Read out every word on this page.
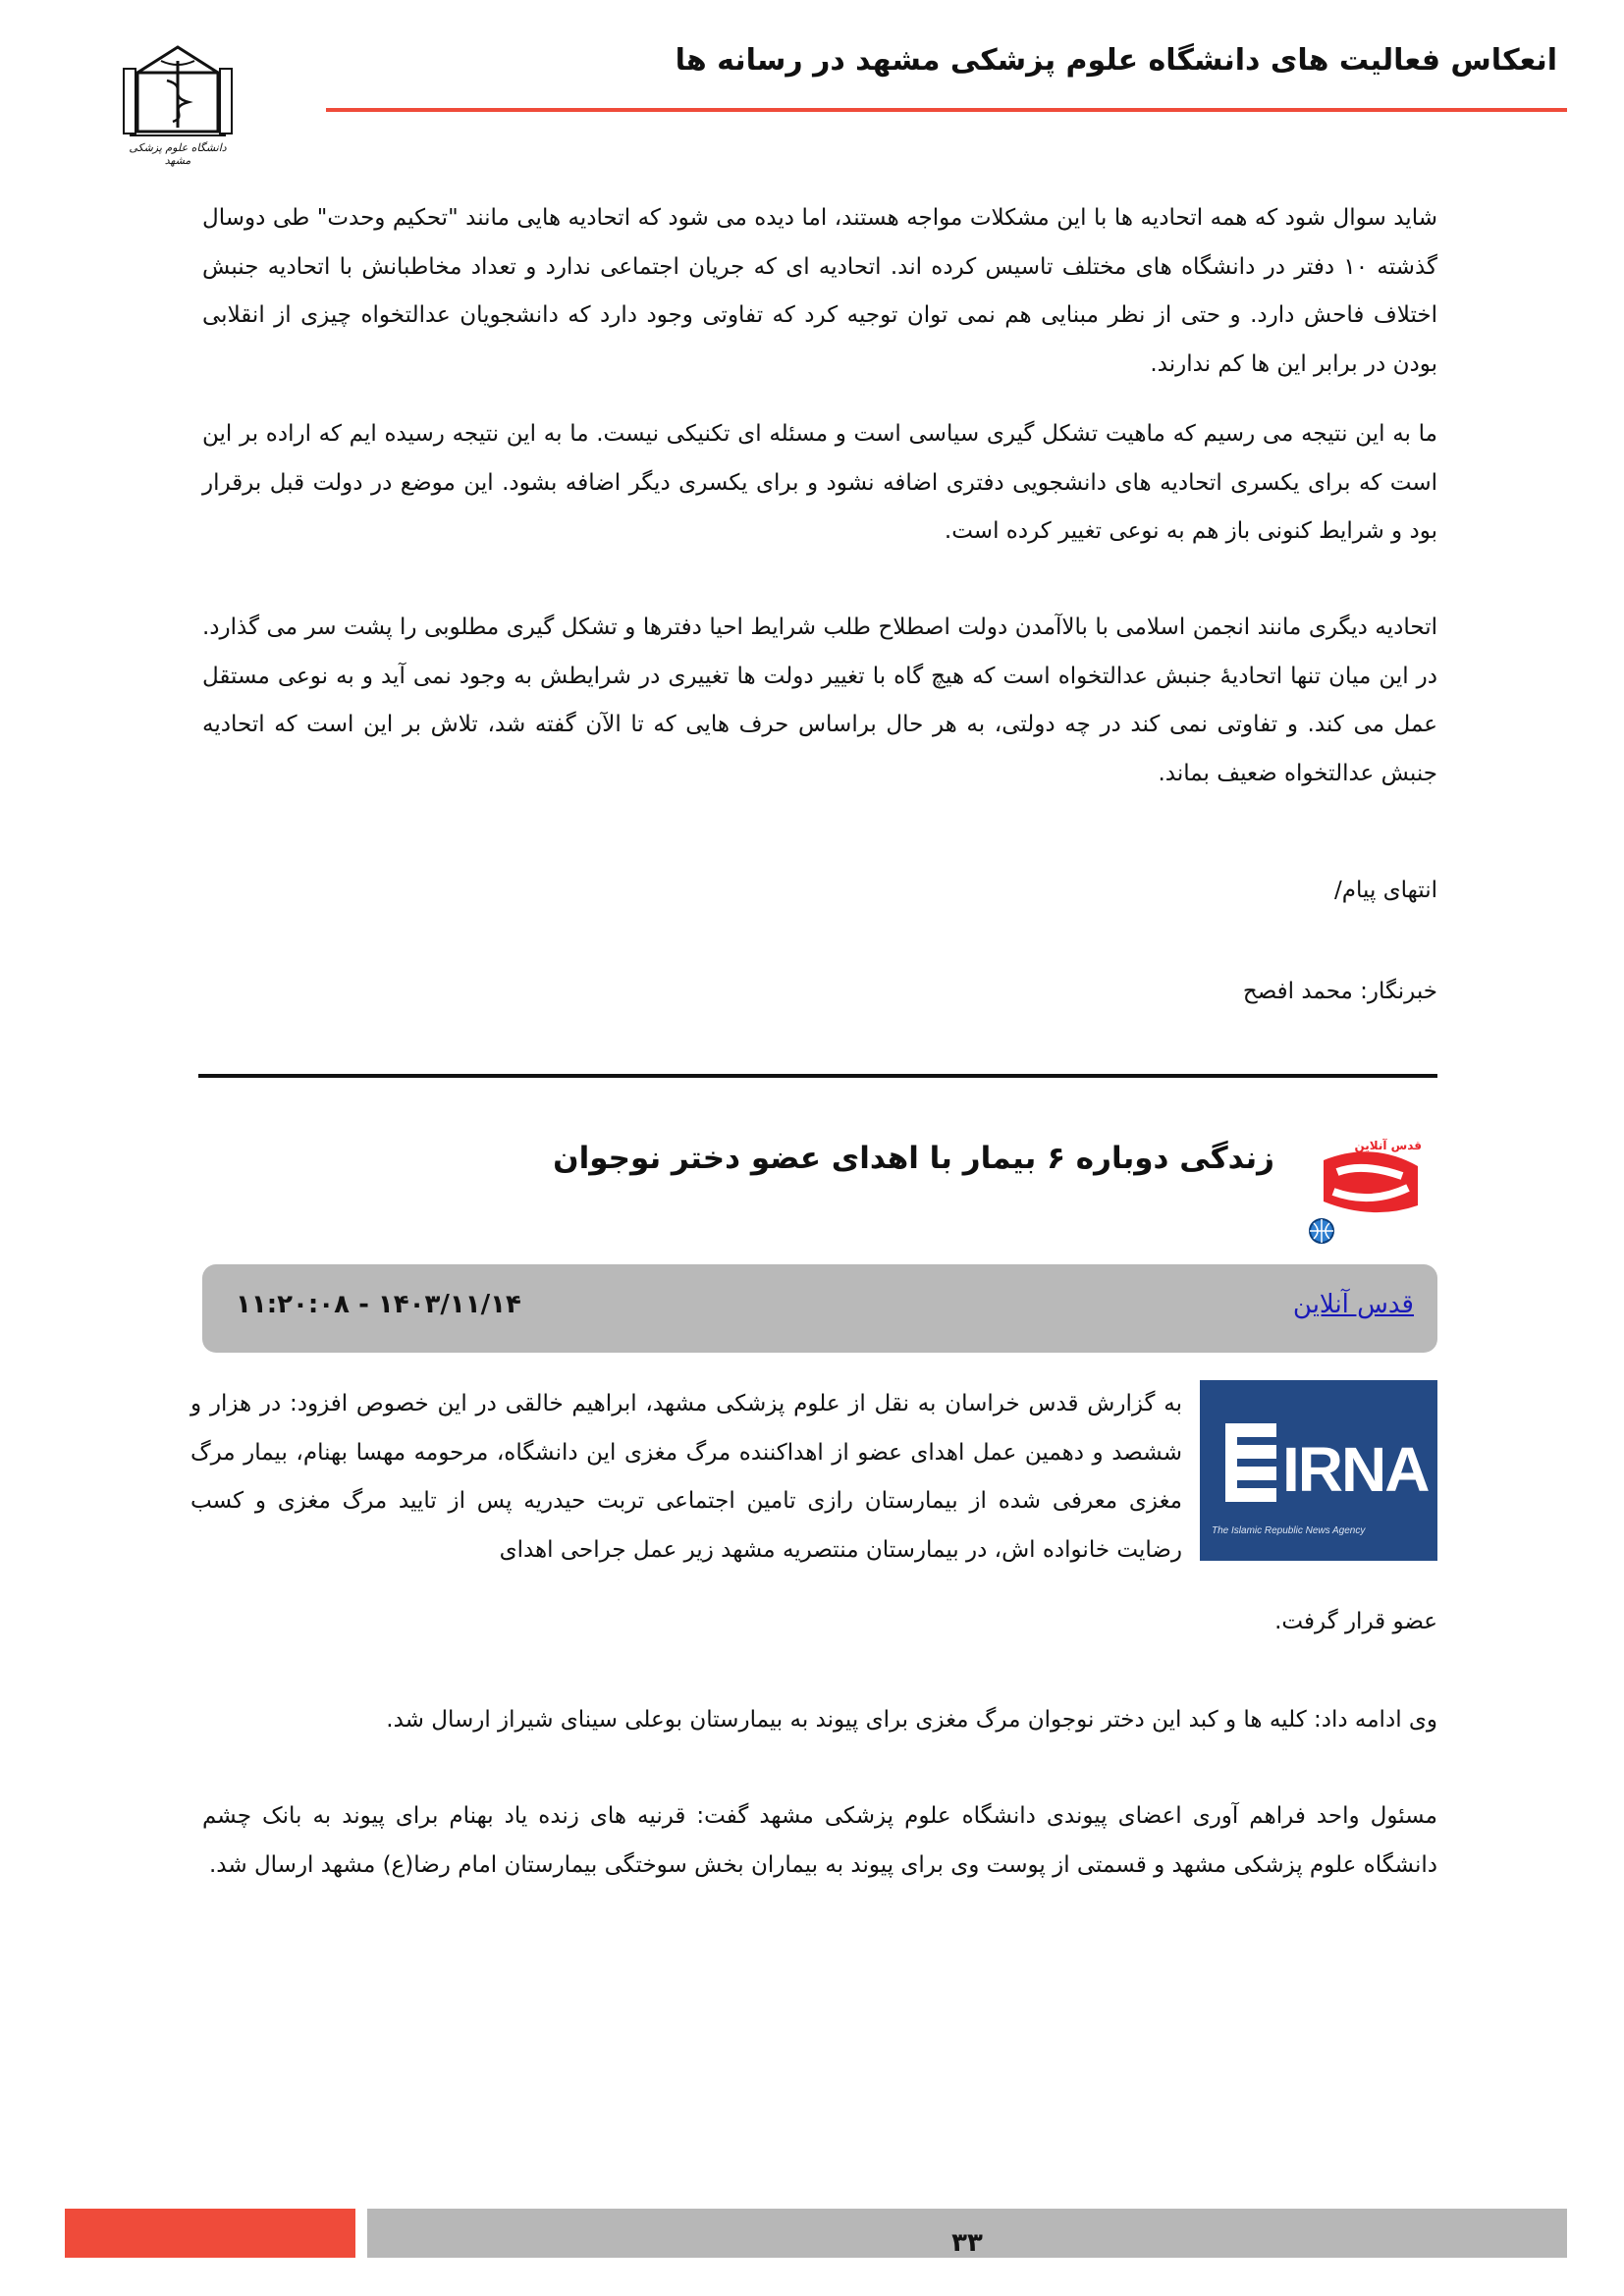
انعکاس فعالیت های دانشگاه علوم پزشکی مشهد در رسانه ها
دانشگاه علوم پزشکی مشهد

شاید سوال شود که همه اتحادیه ها با این مشکلات مواجه هستند، اما دیده می شود که اتحادیه هایی مانند "تحکیم وحدت" طی دوسال گذشته ۱۰ دفتر در دانشگاه های مختلف تاسیس کرده اند. اتحادیه ای که جریان اجتماعی ندارد و تعداد مخاطبانش با اتحادیه جنبش اختلاف فاحش دارد. و حتی از نظر مبنایی هم نمی توان توجیه کرد که تفاوتی وجود دارد که دانشجویان عدالتخواه چیزی از انقلابی بودن در برابر این ها کم ندارند.

ما به این نتیجه می رسیم که ماهیت تشکل گیری سیاسی است و مسئله ای تکنیکی نیست. ما به این نتیجه رسیده ایم که اراده بر این است که برای یکسری اتحادیه های دانشجویی دفتری اضافه نشود و برای یکسری دیگر اضافه بشود. این موضع در دولت قبل برقرار بود و شرایط کنونی باز هم به نوعی تغییر کرده است.

اتحادیه دیگری مانند انجمن اسلامی با بالاآمدن دولت اصطلاح طلب شرایط احیا دفترها و تشکل گیری مطلوبی را پشت سر می گذارد. در این میان تنها اتحادیۀ جنبش عدالتخواه است که هیچ گاه با تغییر دولت ها تغییری در شرایطش به وجود نمی آید و به نوعی مستقل عمل می کند. و تفاوتی نمی کند در چه دولتی، به هر حال براساس حرف هایی که تا الآن گفته شد، تلاش بر این است که اتحادیه جنبش عدالتخواه ضعیف بماند.

انتهای پیام/

خبرنگار: محمد افصح

قدس آنلاین
زندگی دوباره ۶ بیمار با اهدای عضو دختر نوجوان
قدس آنلاین
۱۴۰۳/۱۱/۱۴ - ۱۱:۲۰:۰۸
IRNA
The Islamic Republic News Agency

به گزارش قدس خراسان به نقل از علوم پزشکی مشهد، ابراهیم خالقی در این خصوص افزود: در هزار و ششصد و دهمین عمل اهدای عضو از اهداکننده مرگ مغزی این دانشگاه، مرحومه مهسا بهنام، بیمار مرگ مغزی معرفی شده از بیمارستان رازی تامین اجتماعی تربت حیدریه پس از تایید مرگ مغزی و کسب رضایت خانواده اش، در بیمارستان منتصریه مشهد زیر عمل جراحی اهدای

عضو قرار گرفت.

وی ادامه داد: کلیه ها و کبد این دختر نوجوان مرگ مغزی برای پیوند به بیمارستان بوعلی سینای شیراز ارسال شد.

مسئول واحد فراهم آوری اعضای پیوندی دانشگاه علوم پزشکی مشهد گفت: قرنیه های زنده یاد بهنام برای پیوند به بانک چشم دانشگاه علوم پزشکی مشهد و قسمتی از پوست وی برای پیوند به بیماران بخش سوختگی بیمارستان امام رضا(ع) مشهد ارسال شد.

۳۳
